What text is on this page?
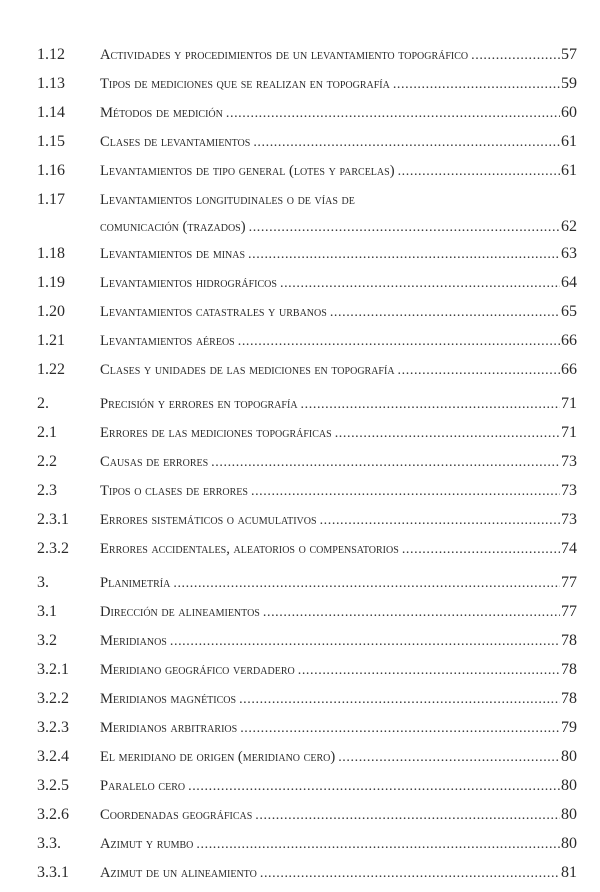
1.12	Actividades y procedimientos de un levantamiento topográfico .....	57
1.13	Tipos de mediciones que se realizan en topografía .....	59
1.14	Métodos de medición .....	60
1.15	Clases de levantamientos .....	61
1.16	Levantamientos de tipo general (lotes y parcelas) .....	61
1.17	Levantamientos longitudinales o de vías de
comunicación (trazados) .....	62
1.18	Levantamientos de minas .....	63
1.19	Levantamientos hidrográficos .....	64
1.20	Levantamientos catastrales y urbanos .....	65
1.21	Levantamientos aéreos .....	66
1.22	Clases y unidades de las mediciones en topografía .....	66
2.	Precisión y errores en topografía .....	71
2.1	Errores de las mediciones topográficas .....	71
2.2	Causas de errores .....	73
2.3	Tipos o clases de errores .....	73
2.3.1	Errores sistemáticos o acumulativos .....	73
2.3.2	Errores accidentales, aleatorios o compensatorios .....	74
3.	Planimetría .....	77
3.1	Dirección de alineamientos .....	77
3.2	Meridianos .....	78
3.2.1	Meridiano geográfico verdadero .....	78
3.2.2	Meridianos magnéticos .....	78
3.2.3	Meridianos arbitrarios .....	79
3.2.4	El meridiano de origen (meridiano cero) .....	80
3.2.5	Paralelo cero .....	80
3.2.6	Coordenadas geográficas .....	80
3.3.	Azimut y rumbo .....	80
3.3.1	Azimut de un alineamiento .....	81
